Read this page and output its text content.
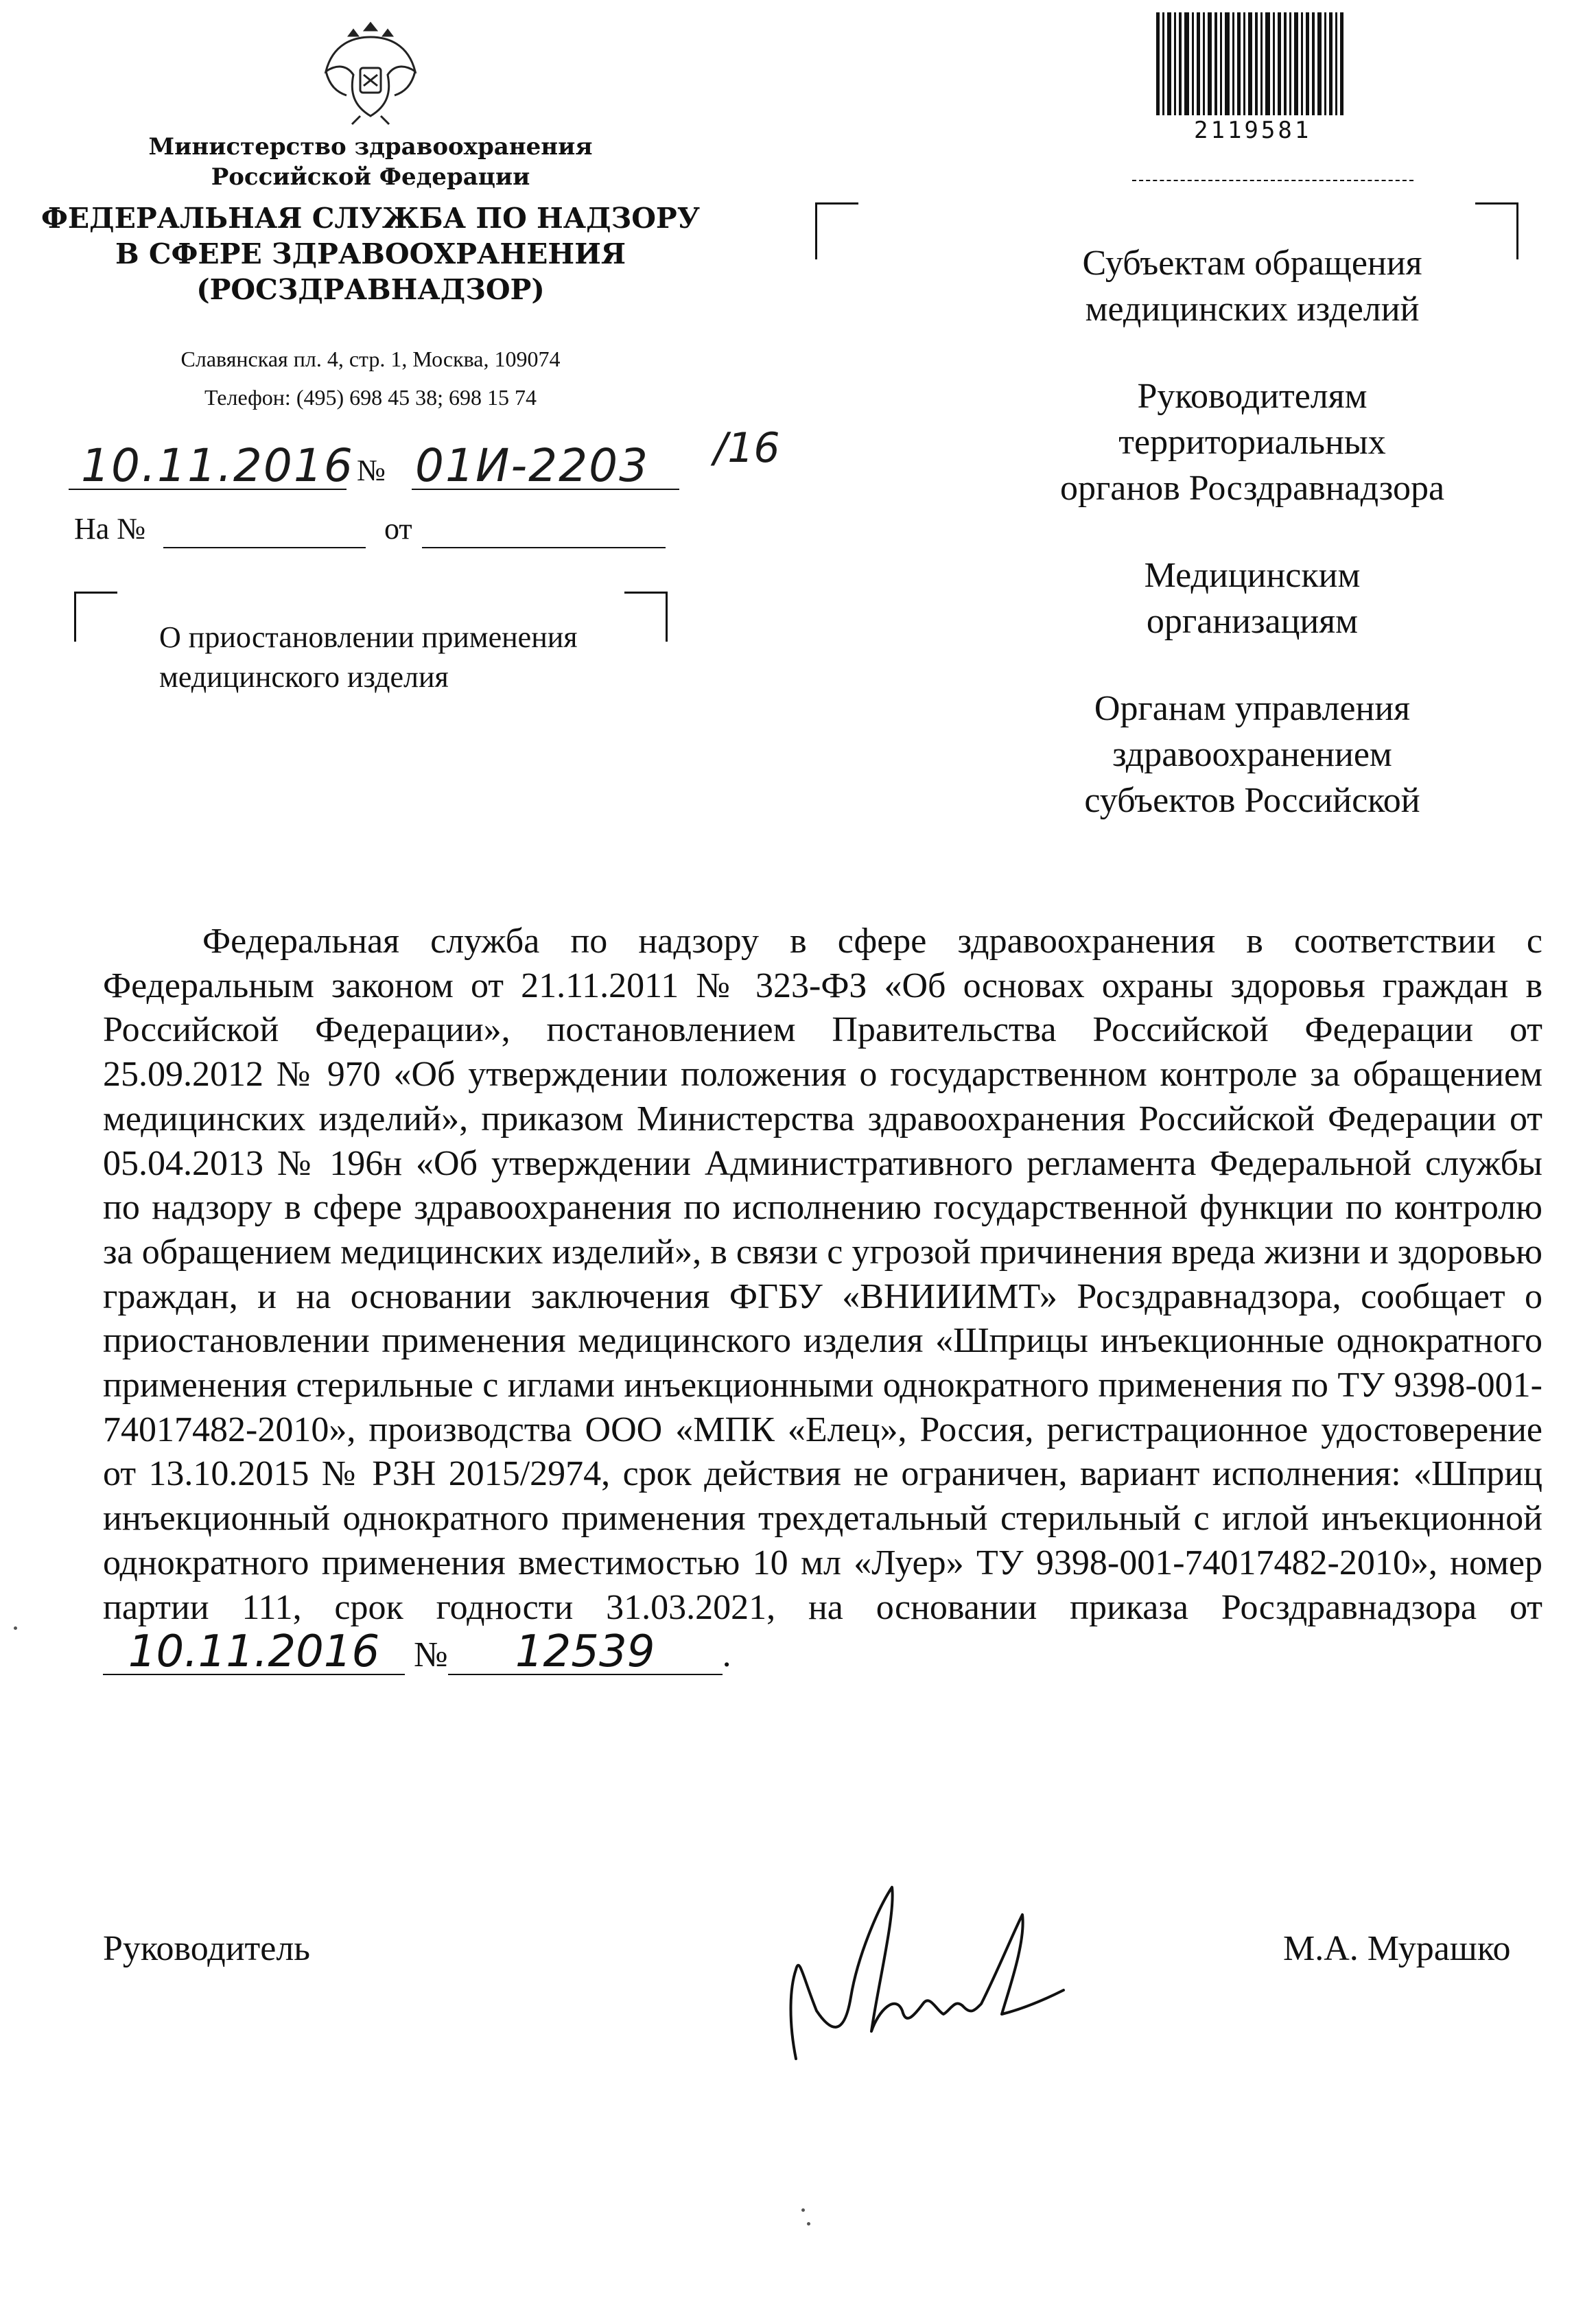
Министерство здравоохранения
Российской Федерации
ФЕДЕРАЛЬНАЯ СЛУЖБА ПО НАДЗОРУ
В СФЕРЕ ЗДРАВООХРАНЕНИЯ
(РОСЗДРАВНАДЗОР)
Славянская пл. 4, стр. 1, Москва, 109074
Телефон: (495) 698 45 38; 698 15 74
10.11.2016 № 01И-2203 /16
На №	от
О приостановлении применения
медицинского изделия
2119581
Субъектам обращения
медицинских изделий
Руководителям
территориальных
органов Росздравнадзора
Медицинским
организациям
Органам управления
здравоохранением
субъектов Российской
Федеральная служба по надзору в сфере здравоохранения в соответствии с Федеральным законом от 21.11.2011 № 323-ФЗ «Об основах охраны здоровья граждан в Российской Федерации», постановлением Правительства Российской Федерации от 25.09.2012 № 970 «Об утверждении положения о государственном контроле за обращением медицинских изделий», приказом Министерства здравоохранения Российской Федерации от 05.04.2013 № 196н «Об утверждении Административного регламента Федеральной службы по надзору в сфере здравоохранения по исполнению государственной функции по контролю за обращением медицинских изделий», в связи с угрозой причинения вреда жизни и здоровью граждан, и на основании заключения ФГБУ «ВНИИИМТ» Росздравнадзора, сообщает о приостановлении применения медицинского изделия «Шприцы инъекционные однократного применения стерильные с иглами инъекционными однократного применения по ТУ 9398-001-74017482-2010», производства ООО «МПК «Елец», Россия, регистрационное удостоверение от 13.10.2015 № РЗН 2015/2974, срок действия не ограничен, вариант исполнения: «Шприц инъекционный однократного применения трехдетальный стерильный с иглой инъекционной однократного применения вместимостью 10 мл «Луер» ТУ 9398-001-74017482-2010», номер партии 111, срок годности 31.03.2021, на основании приказа Росздравнадзора от 10.11.2016 № 12539 .
Руководитель	М.А. Мурашко
